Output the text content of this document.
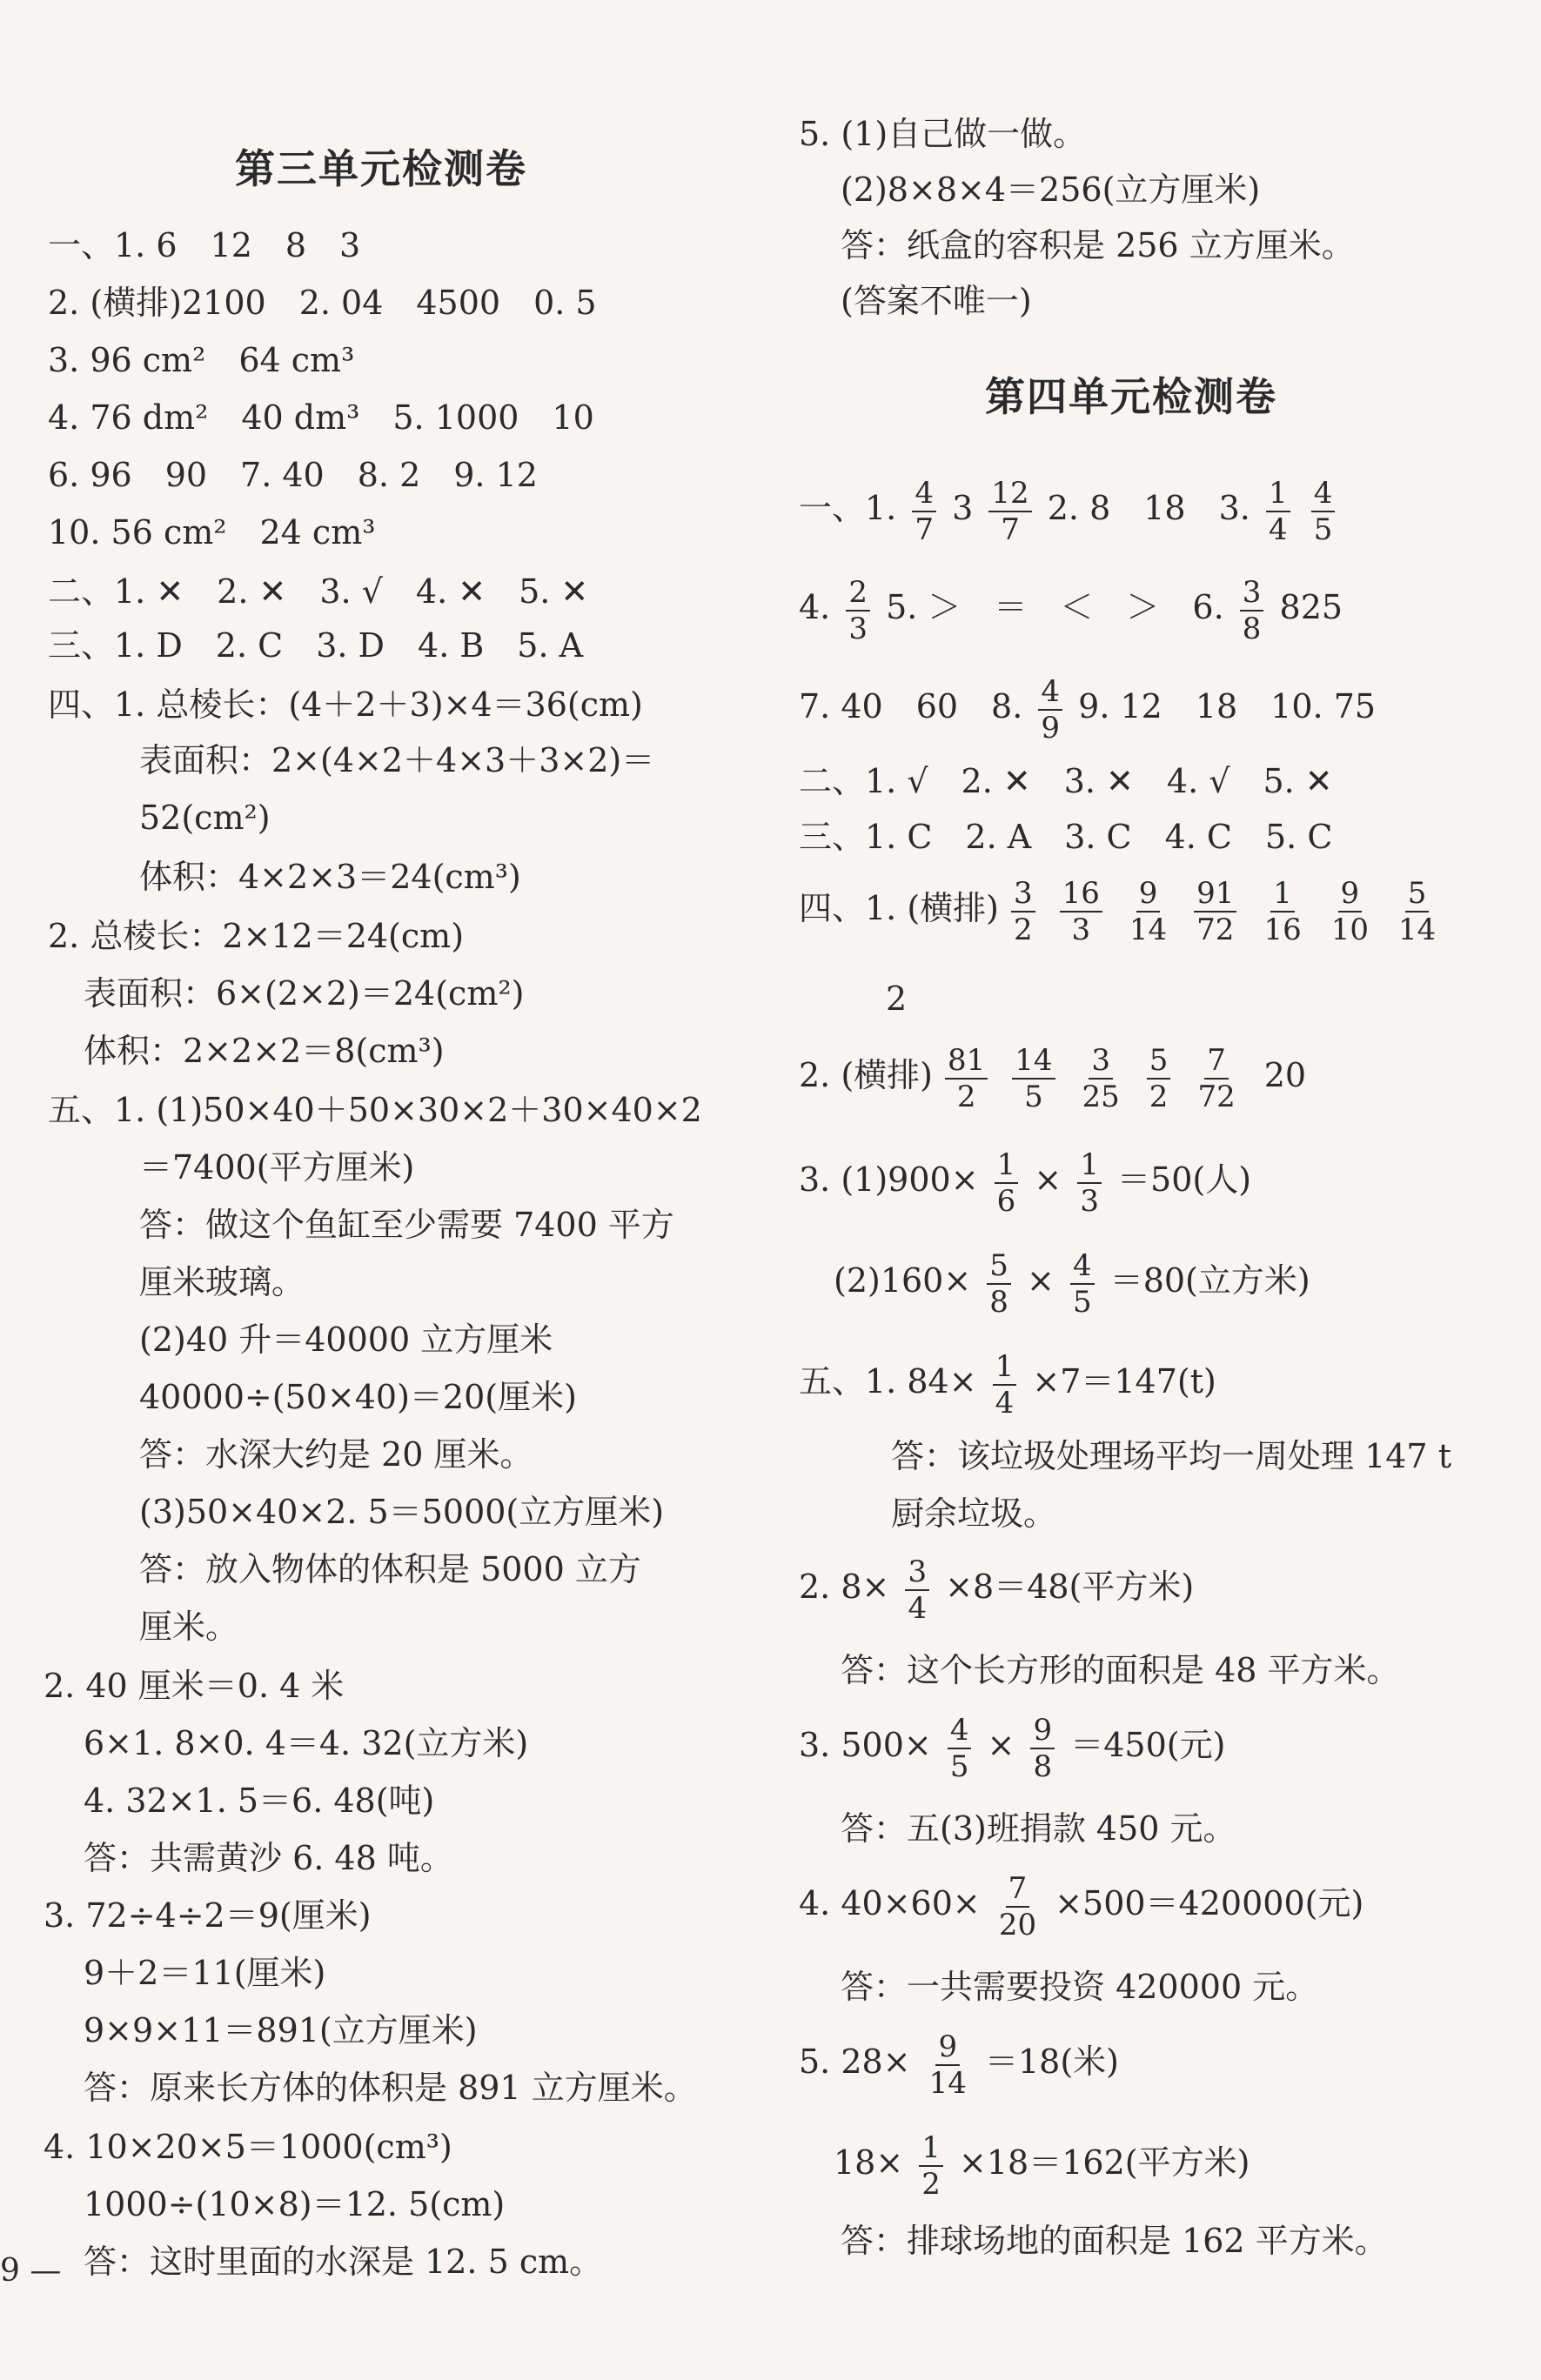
第三单元检测卷
一、1. 6　12　8　3
2. (横排)2100　2. 04　4500　0. 5
3. 96 cm²　64 cm³
4. 76 dm²　40 dm³　5. 1000　10
6. 96　90　7. 40　8. 2　9. 12
10. 56 cm²　24 cm³
二、1. ✕　2. ✕　3. √　4. ✕　5. ✕
三、1. D　2. C　3. D　4. B　5. A
四、1. 总棱长：(4＋2＋3)×4＝36(cm)
表面积：2×(4×2＋4×3＋3×2)＝
52(cm²)
体积：4×2×3＝24(cm³)
2. 总棱长：2×12＝24(cm)
表面积：6×(2×2)＝24(cm²)
体积：2×2×2＝8(cm³)
五、1. (1)50×40＋50×30×2＋30×40×2
＝7400(平方厘米)
答：做这个鱼缸至少需要 7400 平方
厘米玻璃。
(2)40 升＝40000 立方厘米
40000÷(50×40)＝20(厘米)
答：水深大约是 20 厘米。
(3)50×40×2. 5＝5000(立方厘米)
答：放入物体的体积是 5000 立方
厘米。
2. 40 厘米＝0. 4 米
6×1. 8×0. 4＝4. 32(立方米)
4. 32×1. 5＝6. 48(吨)
答：共需黄沙 6. 48 吨。
3. 72÷4÷2＝9(厘米)
9＋2＝11(厘米)
9×9×11＝891(立方厘米)
答：原来长方体的体积是 891 立方厘米。
4. 10×20×5＝1000(cm³)
1000÷(10×8)＝12. 5(cm)
答：这时里面的水深是 12. 5 cm。
5. (1)自己做一做。
(2)8×8×4＝256(立方厘米)
答：纸盒的容积是 256 立方厘米。
(答案不唯一)
第四单元检测卷
一、1. $\frac{4}{7} 3 \frac{12}{7} 2$. 8　18　3. $\frac{1}{4}$
$\frac{4}{5}$
4. $\frac{2}{3} 5$. ＞　＝　＜　＞　6. $\frac{3}{8} 825$
7. 40　60　8. $\frac{4}{9} 9$. 12　18　10. 75
二、1. √　2. ✕　3. ✕　4. √　5. ✕
三、1. C　2. A　3. C　4. C　5. C
四、1. (横排) $\frac{3}{2} \frac{16}{3} \frac{9}{14} \frac{91}{72} \frac{1}{16} \frac{9}{10} \frac{5}{14}$
2
2. (横排) $\frac{81}{2} \frac{14}{5} \frac{3}{25} \frac{5}{2} \frac{7}{72} 20$
3. $(1)900\times \frac{1}{6} \times \frac{1}{3} =50$(人)
$(2)160\times \frac{5}{8} \times \frac{4}{5} =80$(立方米)
五、1. $84\times \frac{1}{4} \times 7=147(t)$
答：该垃圾处理场平均一周处理 147 t
厨余垃圾。
2. $8\times \frac{3}{4} \times 8=48$(平方米)
答：这个长方形的面积是 48 平方米。
3. $500\times \frac{4}{5} \times \frac{9}{8} =450$(元)
答：五(3)班捐款 450 元。
4. $40\times 60\times \frac{7}{20} \times 500=420000$(元)
答：一共需要投资 420000 元。
5. $28\times \frac{9}{14} =18$(米)
$18\times \frac{1}{2} \times 18=162$(平方米)
答：排球场地的面积是 162 平方米。
9 —
